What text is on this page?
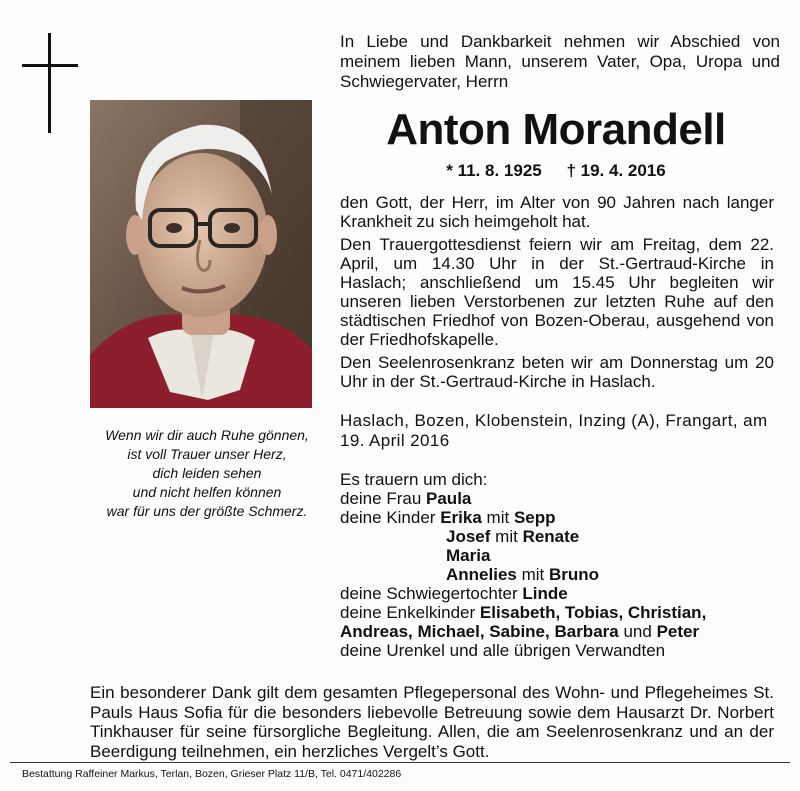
In Liebe und Dankbarkeit nehmen wir Abschied von meinem lieben Mann, unserem Vater, Opa, Uropa und Schwiegervater, Herrn
Anton Morandell
* 11. 8. 1925 † 19. 4. 2016
Wenn wir dir auch Ruhe gönnen,
ist voll Trauer unser Herz,
dich leiden sehen
und nicht helfen können
war für uns der größte Schmerz.

den Gott, der Herr, im Alter von 90 Jahren nach langer Krankheit zu sich heimgeholt hat.

Den Trauergottesdienst feiern wir am Freitag, dem 22. April, um 14.30 Uhr in der St.-Gertraud-Kirche in Haslach; anschließend um 15.45 Uhr begleiten wir unseren lieben Verstorbenen zur letzten Ruhe auf den städtischen Friedhof von Bozen-Oberau, ausgehend von der Friedhofskapelle.

Den Seelenrosenkranz beten wir am Donnerstag um 20 Uhr in der St.-Gertraud-Kirche in Haslach.

Haslach, Bozen, Klobenstein, Inzing (A), Frangart, am 19. April 2016
Es trauern um dich:
deine Frau Paula
deine Kinder Erika mit Sepp
Josef mit Renate
Maria
Annelies mit Bruno
deine Schwiegertochter Linde
deine Enkelkinder Elisabeth, Tobias, Christian,
Andreas, Michael, Sabine, Barbara und Peter
deine Urenkel und alle übrigen Verwandten
Ein besonderer Dank gilt dem gesamten Pflegepersonal des Wohn- und Pflegeheimes St. Pauls Haus Sofia für die besonders liebevolle Betreuung sowie dem Hausarzt Dr. Norbert Tinkhauser für seine fürsorgliche Begleitung. Allen, die am Seelenrosenkranz und an der Beerdigung teilnehmen, ein herzliches Vergelt’s Gott.
Bestattung Raffeiner Markus, Terlan, Bozen, Grieser Platz 11/B, Tel. 0471/402286
